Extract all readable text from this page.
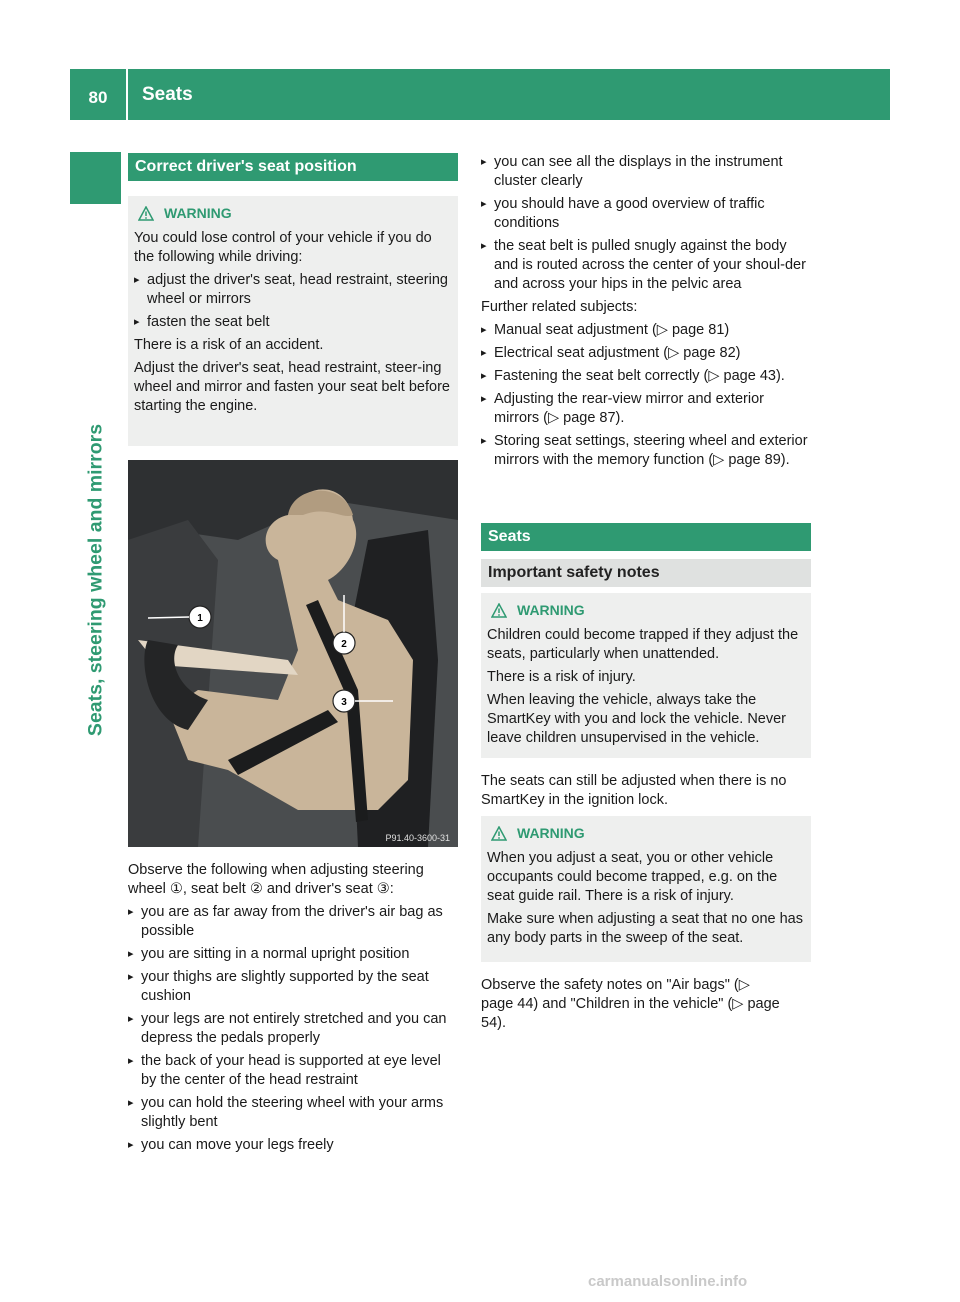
80	Seats
Seats, steering wheel and mirrors
Correct driver's seat position
WARNING

You could lose control of your vehicle if you do the following while driving:

▸ adjust the driver's seat, head restraint, steering wheel or mirrors
▸ fasten the seat belt

There is a risk of an accident.

Adjust the driver's seat, head restraint, steer-ing wheel and mirror and fasten your seat belt before starting the engine.

1
2
3
P91.40-3600-31

Observe the following when adjusting steering wheel ①, seat belt ② and driver's seat ③:

▸ you are as far away from the driver's air bag as possible
▸ you are sitting in a normal upright position
▸ your thighs are slightly supported by the seat cushion
▸ your legs are not entirely stretched and you can depress the pedals properly
▸ the back of your head is supported at eye level by the center of the head restraint
▸ you can hold the steering wheel with your arms slightly bent
▸ you can move your legs freely
▸ you can see all the displays in the instrument cluster clearly
▸ you should have a good overview of traffic conditions
▸ the seat belt is pulled snugly against the body and is routed across the center of your shoul-der and across your hips in the pelvic area

Further related subjects:

▸ Manual seat adjustment (▷ page 81)
▸ Electrical seat adjustment (▷ page 82)
▸ Fastening the seat belt correctly (▷ page 43).
▸ Adjusting the rear-view mirror and exterior mirrors (▷ page 87).
▸ Storing seat settings, steering wheel and exterior mirrors with the memory function (▷ page 89).
Seats
Important safety notes
WARNING

Children could become trapped if they adjust the seats, particularly when unattended.

There is a risk of injury.

When leaving the vehicle, always take the SmartKey with you and lock the vehicle. Never leave children unsupervised in the vehicle.

The seats can still be adjusted when there is no SmartKey in the ignition lock.
WARNING

When you adjust a seat, you or other vehicle occupants could become trapped, e.g. on the seat guide rail. There is a risk of injury.

Make sure when adjusting a seat that no one has any body parts in the sweep of the seat.

Observe the safety notes on "Air bags" (▷ page 44) and "Children in the vehicle" (▷ page 54).
carmanualsonline.info
